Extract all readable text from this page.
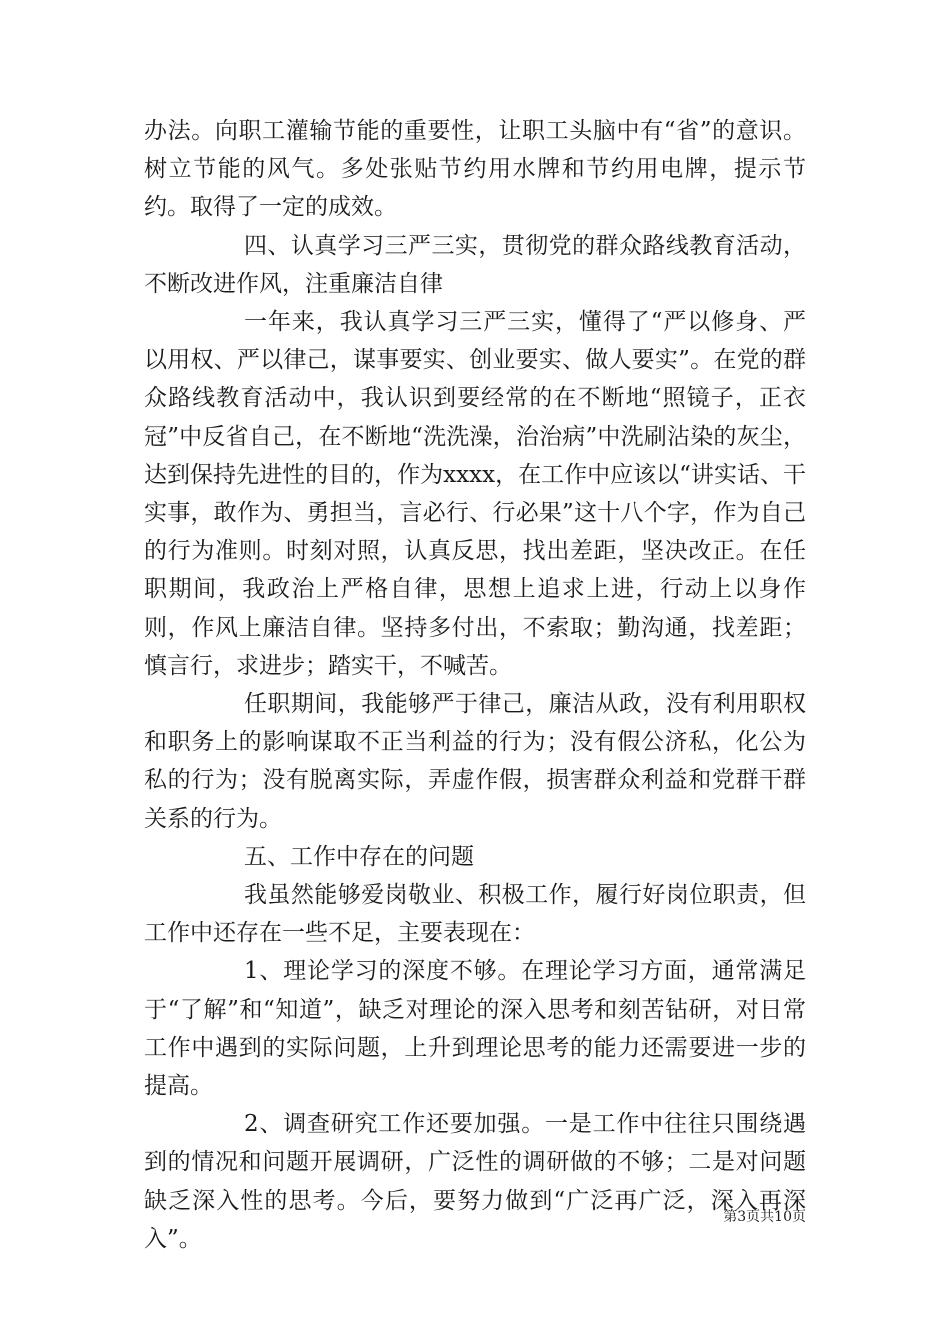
办法。向职工灌输节能的重要性，让职工头脑中有“省”的意识。树立节能的风气。多处张贴节约用水牌和节约用电牌，提示节约。取得了一定的成效。

四、认真学习三严三实，贯彻党的群众路线教育活动，不断改进作风，注重廉洁自律

一年来，我认真学习三严三实，懂得了“严以修身、严以用权、严以律己，谋事要实、创业要实、做人要实”。在党的群众路线教育活动中，我认识到要经常的在不断地“照镜子，正衣冠”中反省自己，在不断地“洗洗澡，治治病”中洗刷沾染的灰尘，达到保持先进性的目的，作为xxxx，在工作中应该以“讲实话、干实事，敢作为、勇担当，言必行、行必果”这十八个字，作为自己的行为准则。时刻对照，认真反思，找出差距，坚决改正。在任职期间，我政治上严格自律，思想上追求上进，行动上以身作则，作风上廉洁自律。坚持多付出，不索取；勤沟通，找差距；慎言行，求进步；踏实干，不喊苦。

任职期间，我能够严于律己，廉洁从政，没有利用职权和职务上的影响谋取不正当利益的行为；没有假公济私，化公为私的行为；没有脱离实际，弄虚作假，损害群众利益和党群干群关系的行为。

五、工作中存在的问题

我虽然能够爱岗敬业、积极工作，履行好岗位职责，但工作中还存在一些不足，主要表现在：

1、理论学习的深度不够。在理论学习方面，通常满足于“了解”和“知道”，缺乏对理论的深入思考和刻苦钻研，对日常工作中遇到的实际问题，上升到理论思考的能力还需要进一步的提高。

2、调查研究工作还要加强。一是工作中往往只围绕遇到的情况和问题开展调研，广泛性的调研做的不够；二是对问题缺乏深入性的思考。今后，要努力做到“广泛再广泛，深入再深入”。

第3页共10页
